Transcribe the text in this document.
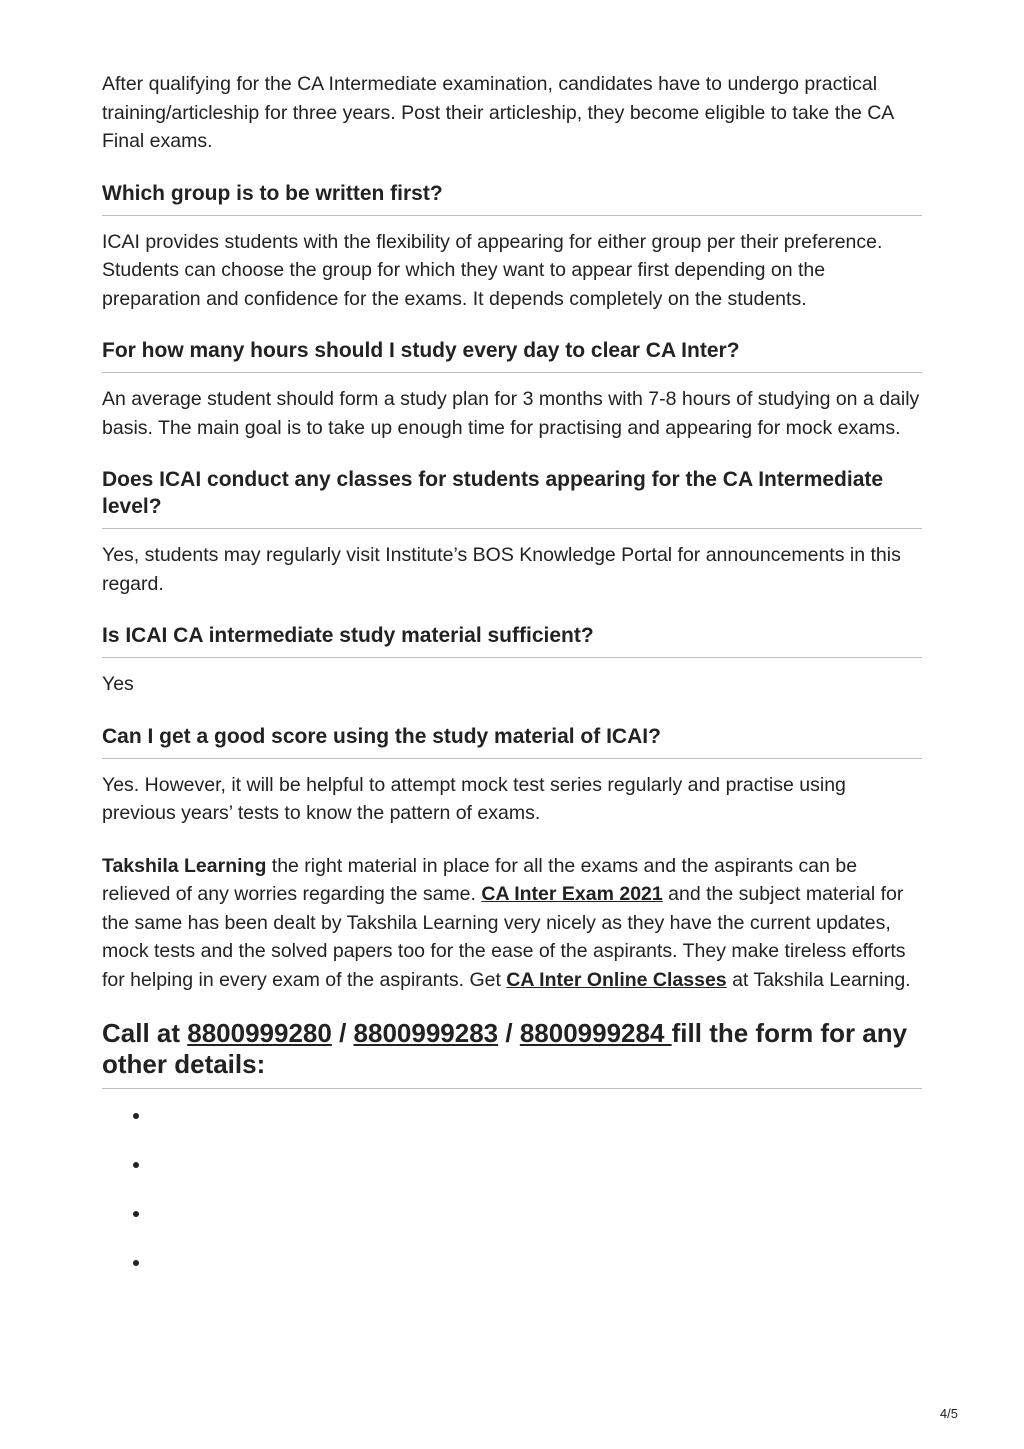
After qualifying for the CA Intermediate examination, candidates have to undergo practical training/articleship for three years. Post their articleship, they become eligible to take the CA Final exams.

Which group is to be written first?

ICAI provides students with the flexibility of appearing for either group per their preference. Students can choose the group for which they want to appear first depending on the preparation and confidence for the exams. It depends completely on the students.

For how many hours should I study every day to clear CA Inter?

An average student should form a study plan for 3 months with 7-8 hours of studying on a daily basis. The main goal is to take up enough time for practising and appearing for mock exams.

Does ICAI conduct any classes for students appearing for the CA Intermediate level?

Yes, students may regularly visit Institute’s BOS Knowledge Portal for announcements in this regard.

Is ICAI CA intermediate study material sufficient?

Yes

Can I get a good score using the study material of ICAI?

Yes. However, it will be helpful to attempt mock test series regularly and practise using previous years’ tests to know the pattern of exams.

Takshila Learning the right material in place for all the exams and the aspirants can be relieved of any worries regarding the same. CA Inter Exam 2021 and the subject material for the same has been dealt by Takshila Learning very nicely as they have the current updates, mock tests and the solved papers too for the ease of the aspirants. They make tireless efforts for helping in every exam of the aspirants. Get CA Inter Online Classes at Takshila Learning.

Call at 8800999280 / 8800999283 / 8800999284 fill the form for any other details:
4/5
